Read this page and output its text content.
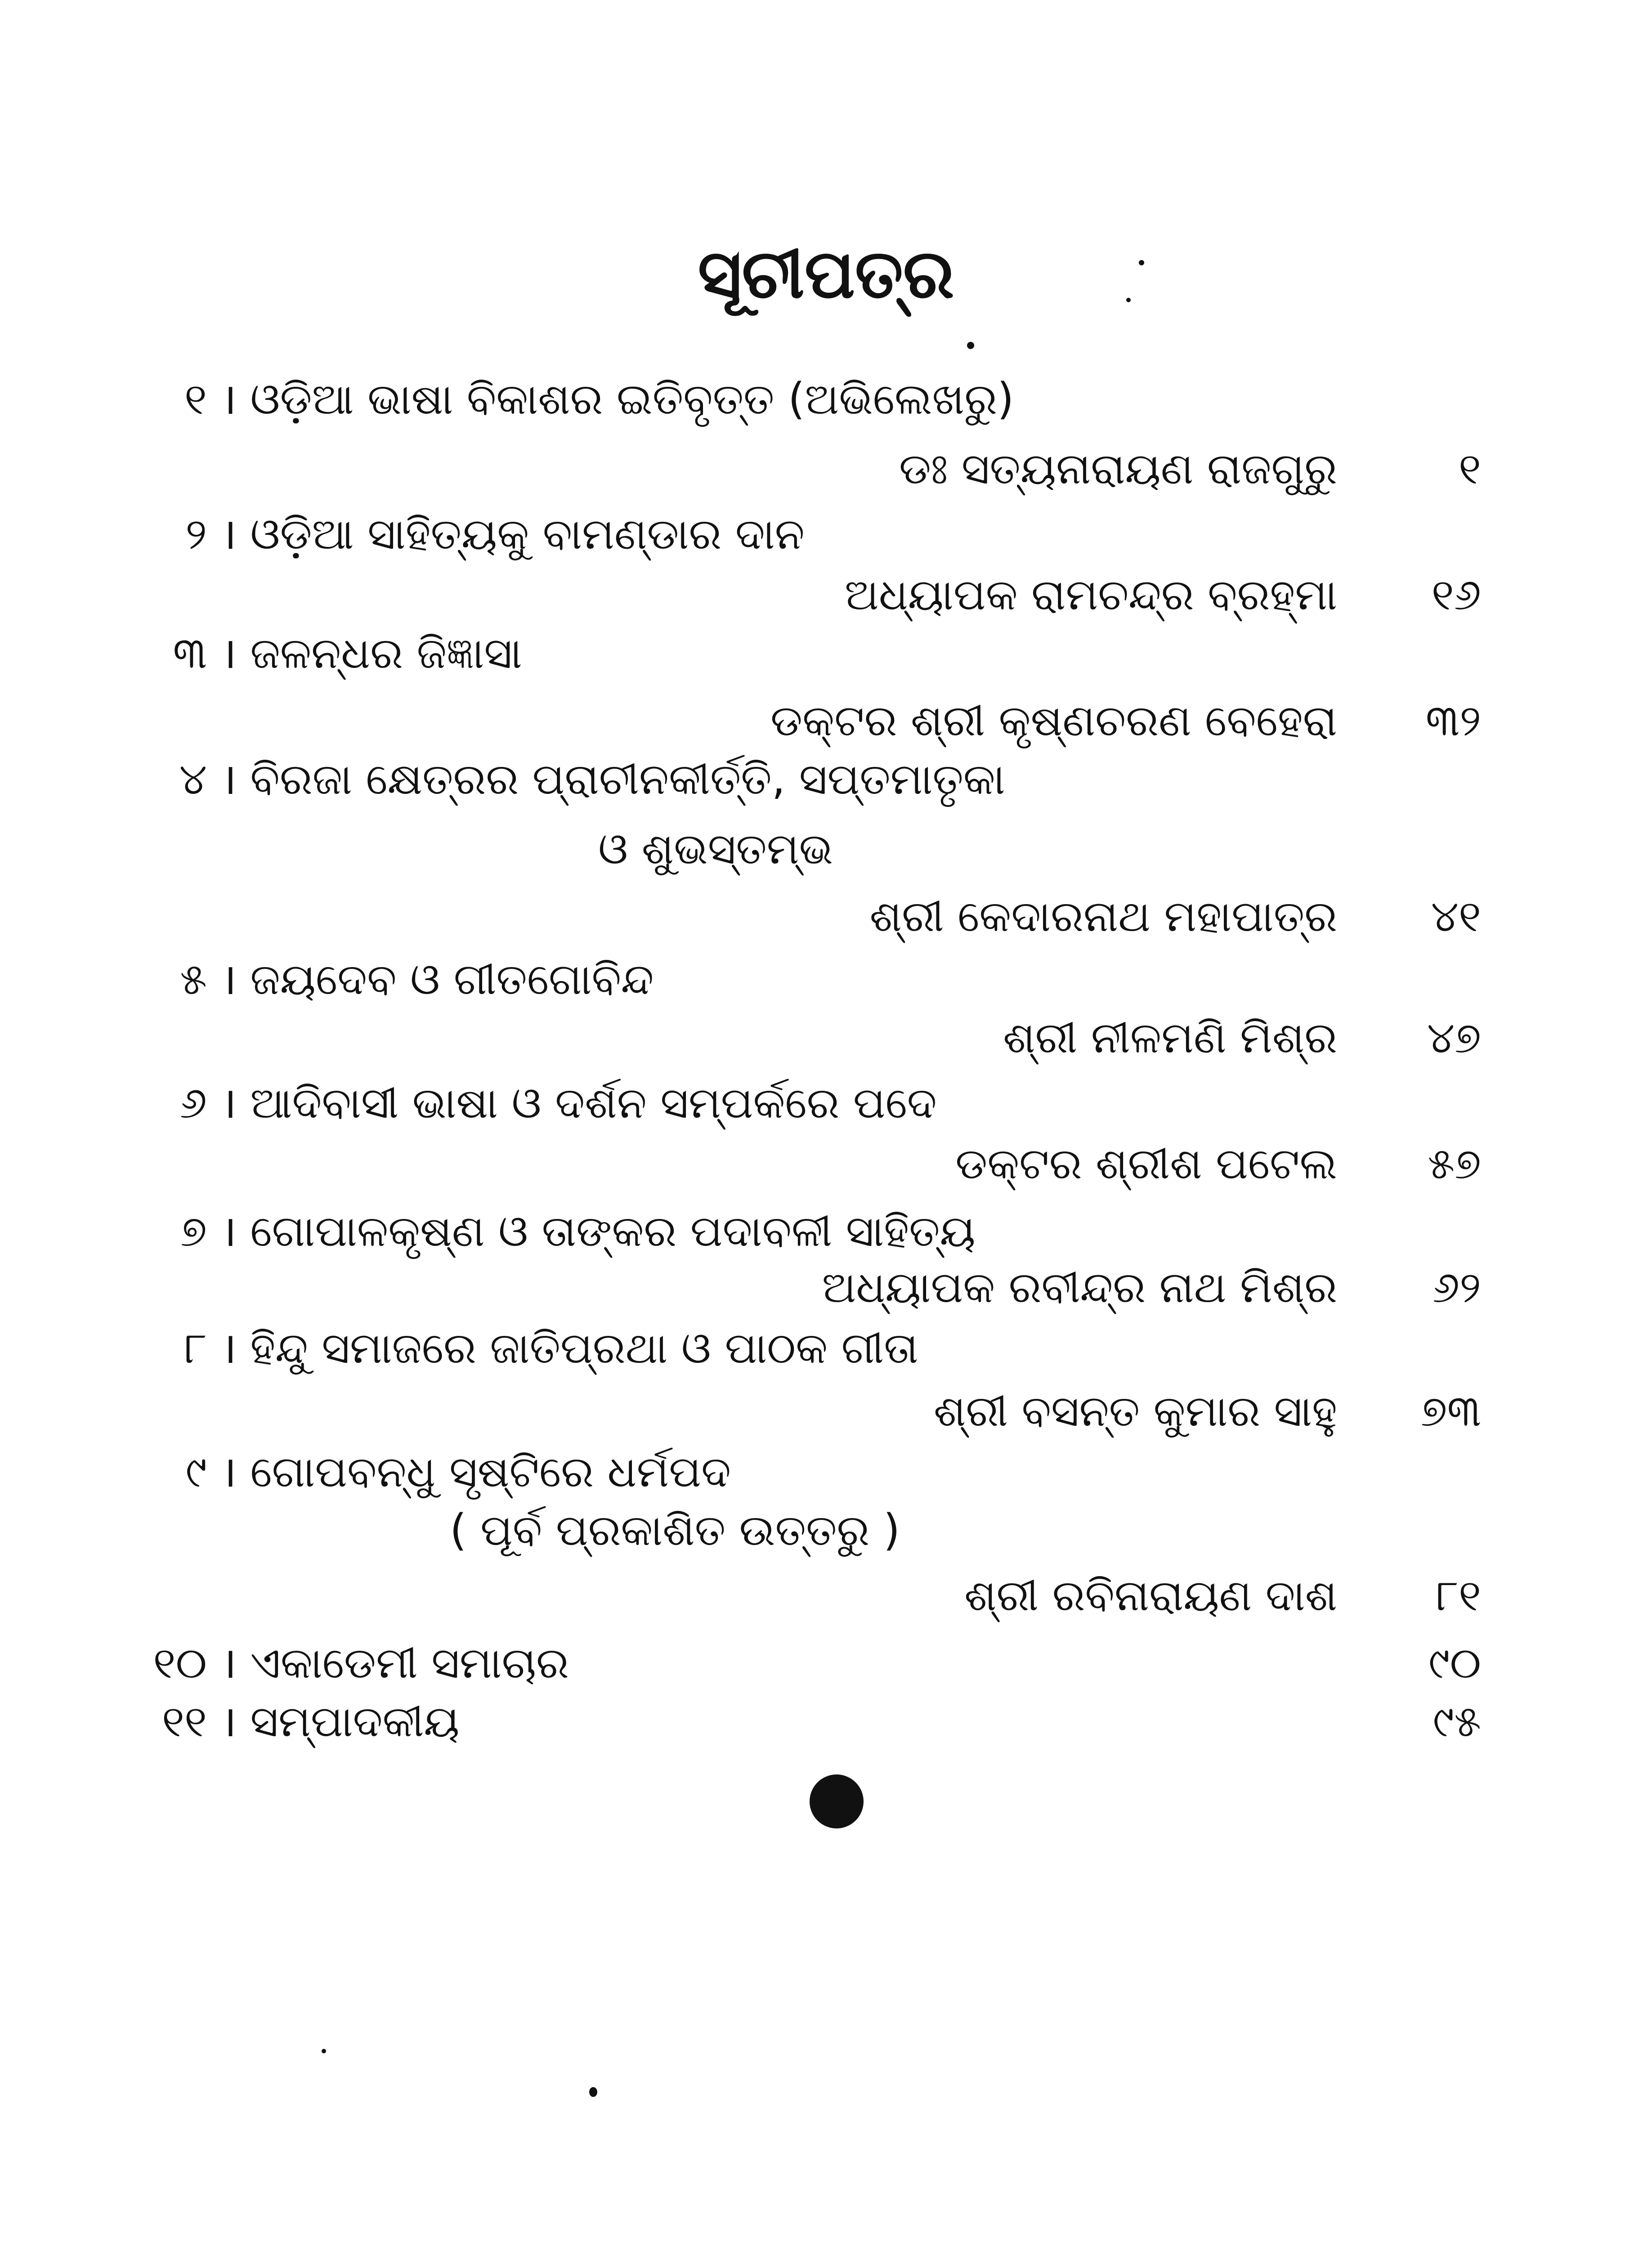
ସୂଚୀପତ୍ର
୧ । ଓଡ଼ିଆ ଭାଷା ବିକାଶର ଇତିବୃତ୍ତ (ଅଭିଲେଖରୁ)
ଡଃ ସତ୍ୟନାରାୟଣ ରାଜଗୁରୁ	୧
୨ । ଓଡ଼ିଆ ସାହିତ୍ୟକୁ ବାମଣ୍ଡାର ଦାନ
ଅଧ୍ୟାପକ ରାମଚନ୍ଦ୍ର ବ୍ରହ୍ମା ୧୬
୩ । ଜଳନ୍ଧର ଜିଜ୍ଞାସା
ଡକ୍ଟର ଶ୍ରୀ କୃଷ୍ଣଚରଣ ବେହେରା ୩୨
୪ । ବିରଜା କ୍ଷେତ୍ରର ପ୍ରାଚୀନକୀର୍ତ୍ତି, ସପ୍ତମାତୃକା
ଓ ଶୁଭସ୍ତମ୍ଭ
ଶ୍ରୀ କେଦାରନାଥ ମହାପାତ୍ର ୪୧
୫ । ଜୟଦେବ ଓ ଗୀତଗୋବିନ୍ଦ
ଶ୍ରୀ ନୀଳମଣି ମିଶ୍ର ୪୭
୬ । ଆଦିବାସୀ ଭାଷା ଓ ଦର୍ଶନ ସମ୍ପର୍କରେ ପଦେ
ଡକ୍ଟର ଶ୍ରୀଶ ପଟେଲ ୫୭
୭ । ଗୋପାଳକୃଷ୍ଣ ଓ ତାଙ୍କର ପଦାବଳୀ ସାହିତ୍ୟ
ଅଧ୍ୟାପକ ରବୀନ୍ଦ୍ର ନାଥ ମିଶ୍ର ୬୨
୮ । ହିନ୍ଦୁ ସମାଜରେ ଜାତିପ୍ରଥା ଓ ପାଠକ ଗୀତା
ଶ୍ରୀ ବସନ୍ତ କୁମାର ସାହୁ ୭୩
୯ । ଗୋପବନ୍ଧୁ ସୃଷ୍ଟିରେ ଧର୍ମପଦ
( ପୂର୍ବ ପ୍ରକାଶିତ ଉତ୍ତରୁ )
ଶ୍ରୀ ରବିନାରାୟଣ ଦାଶ ୮୧
୧୦ । ଏକାଡେମୀ ସମାଚାର	୯୦
୧୧ । ସମ୍ପାଦକୀୟ	୯୫
